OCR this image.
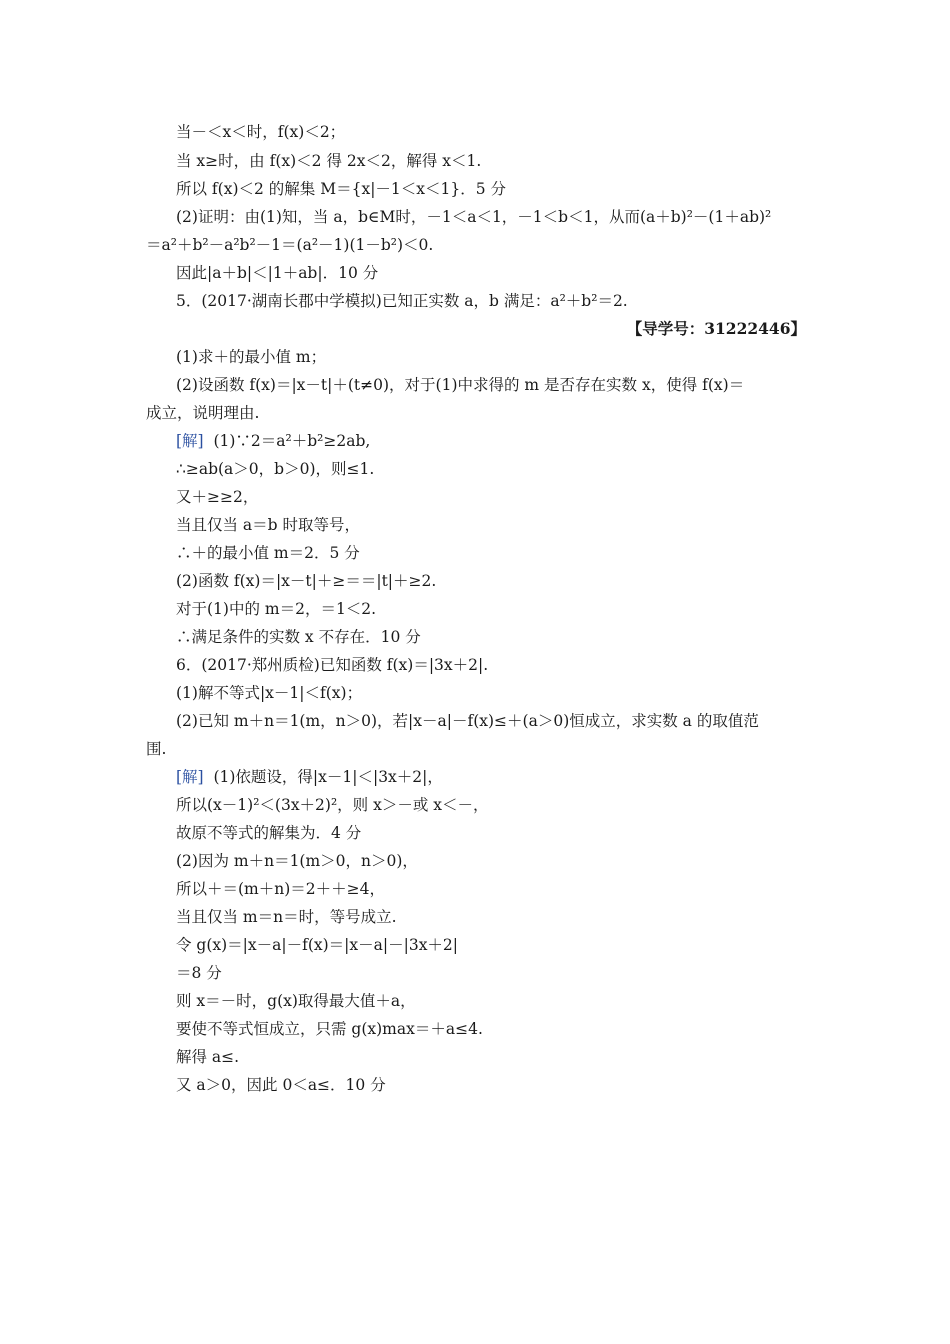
当－＜x＜时，f(x)＜2；
当 x≥时，由 f(x)＜2 得 2x＜2，解得 x＜1.
所以 f(x)＜2 的解集 M＝{x|－1＜x＜1}．5 分
(2)证明：由(1)知，当 a，b∈M时，－1＜a＜1，－1＜b＜1，从而(a＋b)²－(1＋ab)²
＝a²＋b²－a²b²－1＝(a²－1)(1－b²)＜0.
因此|a＋b|＜|1＋ab|．10 分
5．(2017·湖南长郡中学模拟)已知正实数 a，b 满足：a²＋b²＝2.
【导学号：31222446】
(1)求＋的最小值 m；
(2)设函数 f(x)＝|x－t|＋(t≠0)，对于(1)中求得的 m 是否存在实数 x，使得 f(x)＝
成立，说明理由.
[解] (1)∵2＝a²＋b²≥2ab,
∴≥ab(a＞0，b＞0)，则≤1.
又＋≥≥2，
当且仅当 a＝b 时取等号，
∴＋的最小值 m＝2．5 分
(2)函数 f(x)＝|x－t|＋≥＝＝|t|＋≥2.
对于(1)中的 m＝2，＝1＜2.
∴满足条件的实数 x 不存在．10 分
6．(2017·郑州质检)已知函数 f(x)＝|3x＋2|.
(1)解不等式|x－1|＜f(x)；
(2)已知 m＋n＝1(m，n＞0)，若|x－a|－f(x)≤＋(a＞0)恒成立，求实数 a 的取值范
围.
[解] (1)依题设，得|x－1|＜|3x＋2|，
所以(x－1)²＜(3x＋2)²，则 x＞－或 x＜－，
故原不等式的解集为．4 分
(2)因为 m＋n＝1(m＞0，n＞0)，
所以＋＝(m＋n)＝2＋＋≥4，
当且仅当 m＝n＝时，等号成立.
令 g(x)＝|x－a|－f(x)＝|x－a|－|3x＋2|
＝8 分
则 x＝－时，g(x)取得最大值＋a，
要使不等式恒成立，只需 g(x)max＝＋a≤4.
解得 a≤.
又 a＞0，因此 0＜a≤．10 分
